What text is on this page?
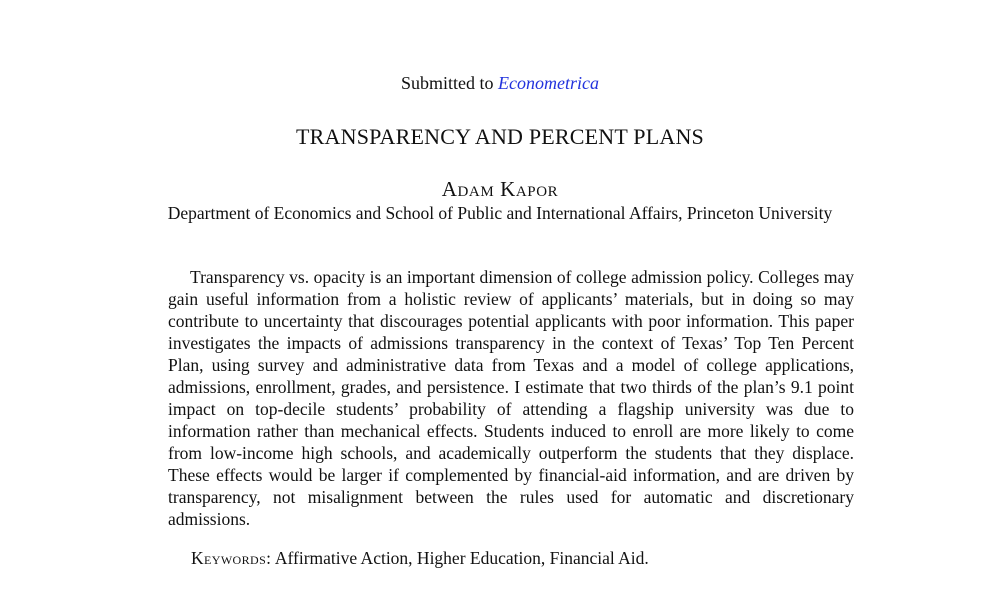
Submitted to Econometrica
TRANSPARENCY AND PERCENT PLANS
Adam Kapor
Department of Economics and School of Public and International Affairs, Princeton University

Transparency vs. opacity is an important dimension of college admission policy. Colleges may gain useful information from a holistic review of applicants’ materials, but in doing so may contribute to uncertainty that discourages potential applicants with poor information. This paper investigates the impacts of admissions transparency in the context of Texas’ Top Ten Percent Plan, using survey and administrative data from Texas and a model of college applications, admissions, enrollment, grades, and persistence. I estimate that two thirds of the plan’s 9.1 point impact on top-decile students’ probability of attending a flagship university was due to information rather than mechanical effects. Students induced to enroll are more likely to come from low-income high schools, and academically outperform the students that they displace. These effects would be larger if complemented by financial-aid information, and are driven by transparency, not misalignment between the rules used for automatic and discretionary admissions.

Keywords: Affirmative Action, Higher Education, Financial Aid.
